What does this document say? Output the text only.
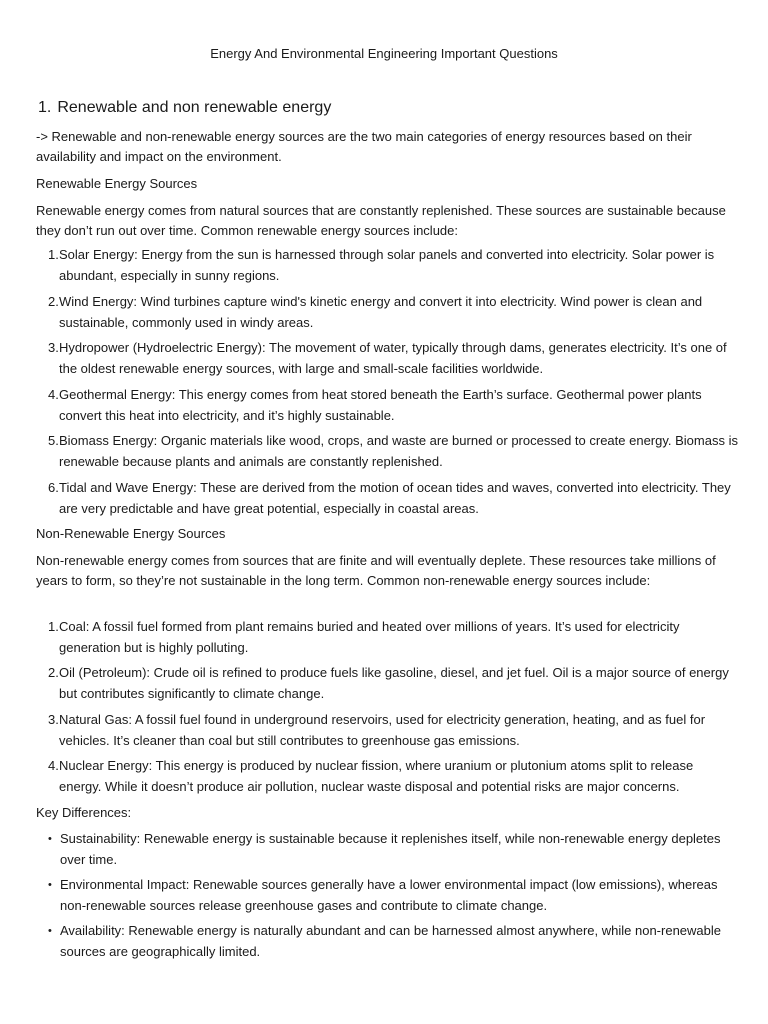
Energy And Environmental Engineering Important Questions
1. Renewable and non renewable energy

-> Renewable and non-renewable energy sources are the two main categories of energy resources based on their availability and impact on the environment.

Renewable Energy Sources

Renewable energy comes from natural sources that are constantly replenished. These sources are sustainable because they don’t run out over time. Common renewable energy sources include:

1. Solar Energy: Energy from the sun is harnessed through solar panels and converted into electricity. Solar power is abundant, especially in sunny regions.
2. Wind Energy: Wind turbines capture wind's kinetic energy and convert it into electricity. Wind power is clean and sustainable, commonly used in windy areas.
3. Hydropower (Hydroelectric Energy): The movement of water, typically through dams, generates electricity. It’s one of the oldest renewable energy sources, with large and small-scale facilities worldwide.
4. Geothermal Energy: This energy comes from heat stored beneath the Earth’s surface. Geothermal power plants convert this heat into electricity, and it’s highly sustainable.
5. Biomass Energy: Organic materials like wood, crops, and waste are burned or processed to create energy. Biomass is renewable because plants and animals are constantly replenished.
6. Tidal and Wave Energy: These are derived from the motion of ocean tides and waves, converted into electricity. They are very predictable and have great potential, especially in coastal areas.

Non-Renewable Energy Sources

Non-renewable energy comes from sources that are finite and will eventually deplete. These resources take millions of years to form, so they’re not sustainable in the long term. Common non-renewable energy sources include:

1. Coal: A fossil fuel formed from plant remains buried and heated over millions of years. It’s used for electricity generation but is highly polluting.
2. Oil (Petroleum): Crude oil is refined to produce fuels like gasoline, diesel, and jet fuel. Oil is a major source of energy but contributes significantly to climate change.
3. Natural Gas: A fossil fuel found in underground reservoirs, used for electricity generation, heating, and as fuel for vehicles. It’s cleaner than coal but still contributes to greenhouse gas emissions.
4. Nuclear Energy: This energy is produced by nuclear fission, where uranium or plutonium atoms split to release energy. While it doesn’t produce air pollution, nuclear waste disposal and potential risks are major concerns.

Key Differences:

• Sustainability: Renewable energy is sustainable because it replenishes itself, while non-renewable energy depletes over time.
• Environmental Impact: Renewable sources generally have a lower environmental impact (low emissions), whereas non-renewable sources release greenhouse gases and contribute to climate change.
• Availability: Renewable energy is naturally abundant and can be harnessed almost anywhere, while non-renewable sources are geographically limited.
